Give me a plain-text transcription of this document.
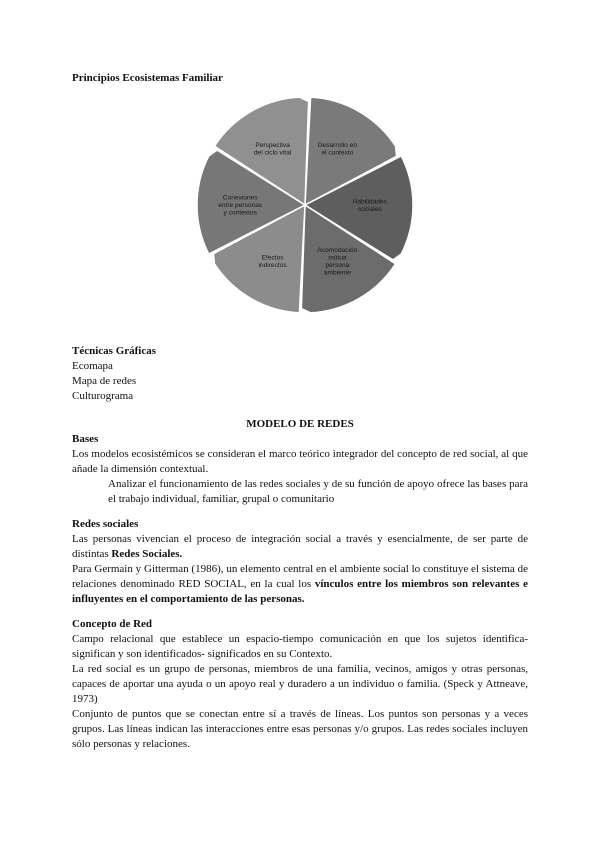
Principios Ecosistemas Familiar
Desarrollo en el contexto
Habilidades sociales
Acomodación mútua persona ambiente
Efectos indirectos
Conexiones entre personas y contextos
Perspectiva del ciclo vital

Técnicas Gráficas

Ecomapa

Mapa de redes

Culturograma

MODELO DE REDES

Bases

Los modelos ecosistémicos se consideran el marco teórico integrador del concepto de red social, al que añade la dimensión contextual.

Analizar el funcionamiento de las redes sociales y de su función de apoyo ofrece las bases para el trabajo individual, familiar, grupal o comunitario

Redes sociales

Las personas vivencian el proceso de integración social a través y esencialmente, de ser parte de distintas Redes Sociales.

Para Germain y Gitterman (1986), un elemento central en el ambiente social lo constituye el sistema de relaciones denominado RED SOCIAL, en la cual los vínculos entre los miembros son relevantes e influyentes en el comportamiento de las personas.

Concepto de Red

Campo relacional que establece un espacio-tiempo comunicación en que los sujetos identifica-significan y son identificados- significados en su Contexto.

La red social es un grupo de personas, miembros de una familia, vecinos, amigos y otras personas, capaces de aportar una ayuda o un apoyo real y duradero a un individuo o familia. (Speck y Attneave, 1973)

Conjunto de puntos que se conectan entre sí a través de líneas. Los puntos son personas y a veces grupos. Las líneas indican las interacciones entre esas personas y/o grupos. Las redes sociales incluyen sólo personas y relaciones.
